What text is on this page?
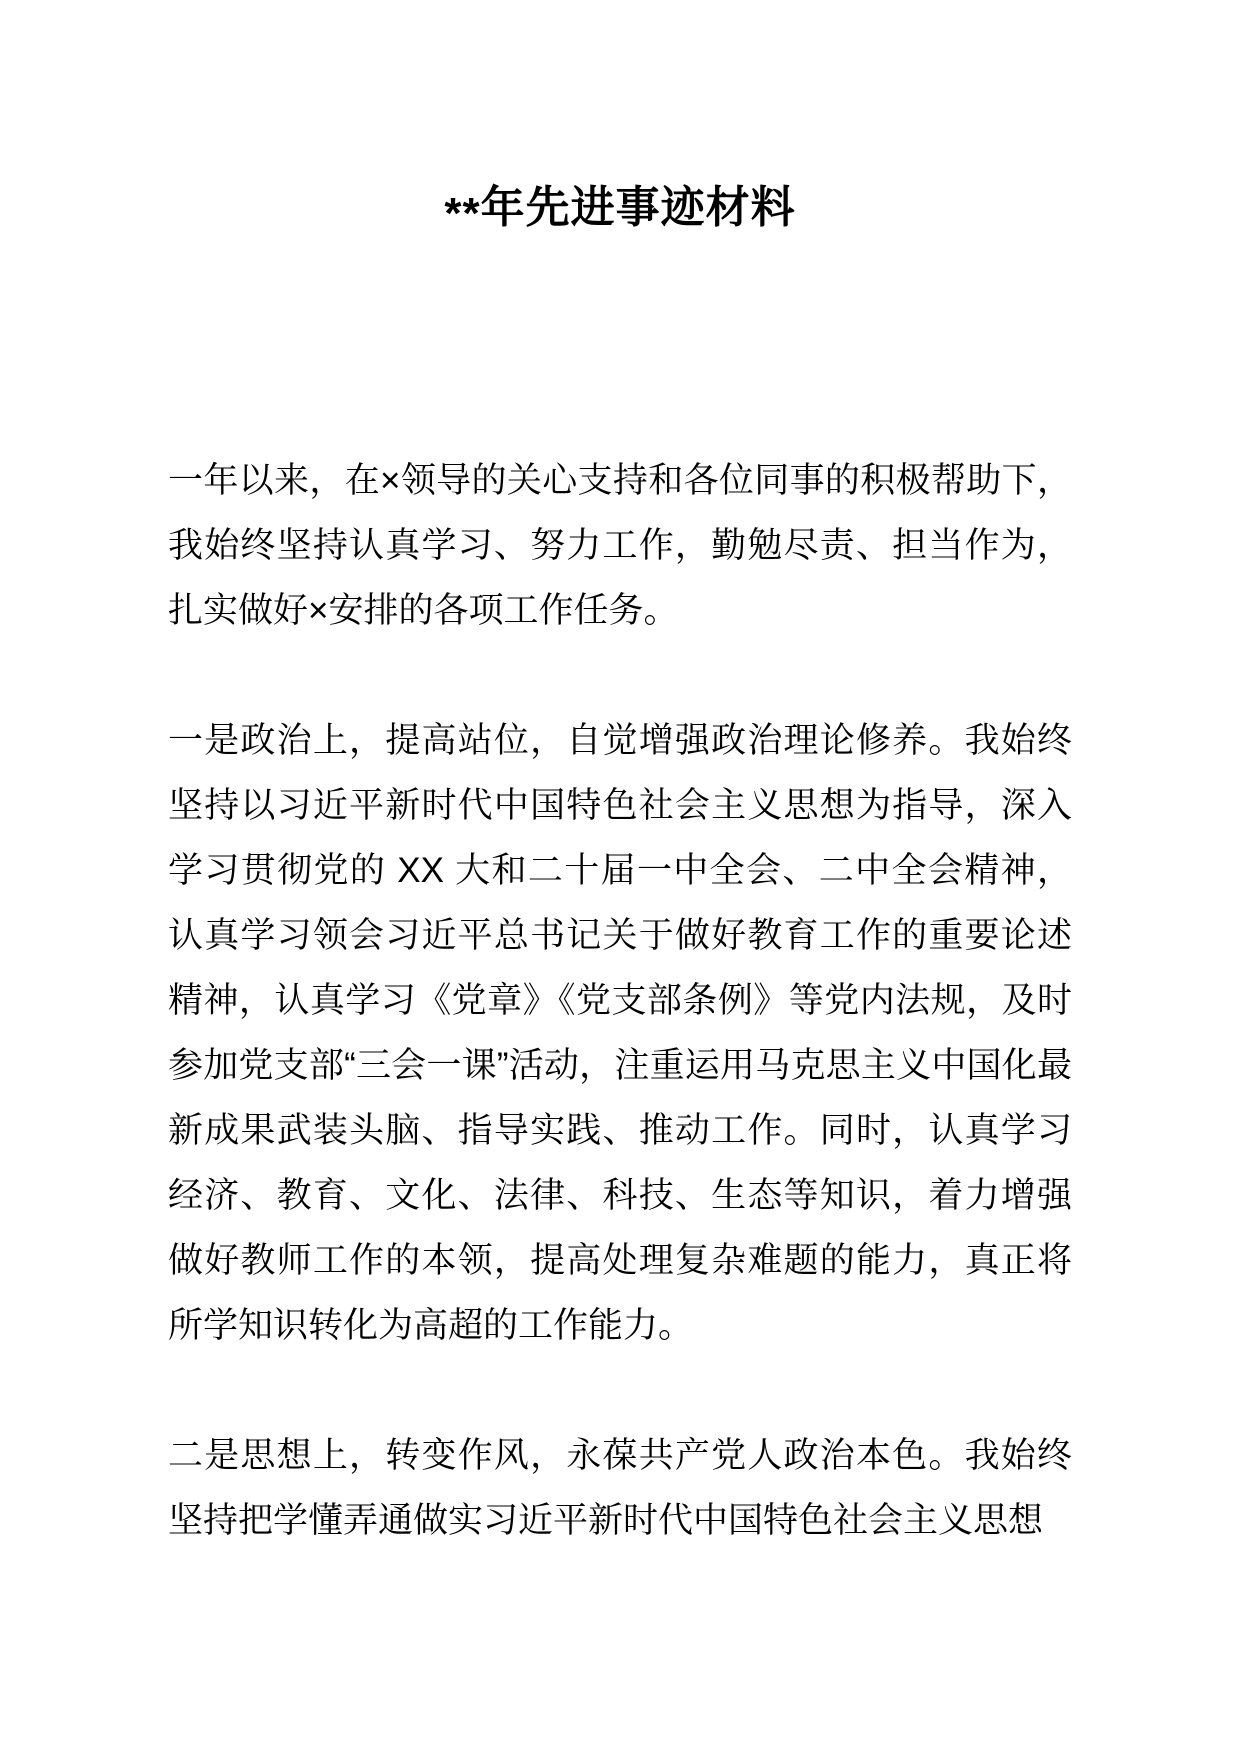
**年先进事迹材料

一年以来，在×领导的关心支持和各位同事的积极帮助下，我始终坚持认真学习、努力工作，勤勉尽责、担当作为，扎实做好×安排的各项工作任务。

一是政治上，提高站位，自觉增强政治理论修养。我始终坚持以习近平新时代中国特色社会主义思想为指导，深入学习贯彻党的 XX 大和二十届一中全会、二中全会精神，认真学习领会习近平总书记关于做好教育工作的重要论述精神，认真学习《党章》《党支部条例》等党内法规，及时参加党支部“三会一课”活动，注重运用马克思主义中国化最新成果武装头脑、指导实践、推动工作。同时，认真学习经济、教育、文化、法律、科技、生态等知识，着力增强做好教师工作的本领，提高处理复杂难题的能力，真正将所学知识转化为高超的工作能力。

二是思想上，转变作风，永葆共产党人政治本色。我始终坚持把学懂弄通做实习近平新时代中国特色社会主义思想
